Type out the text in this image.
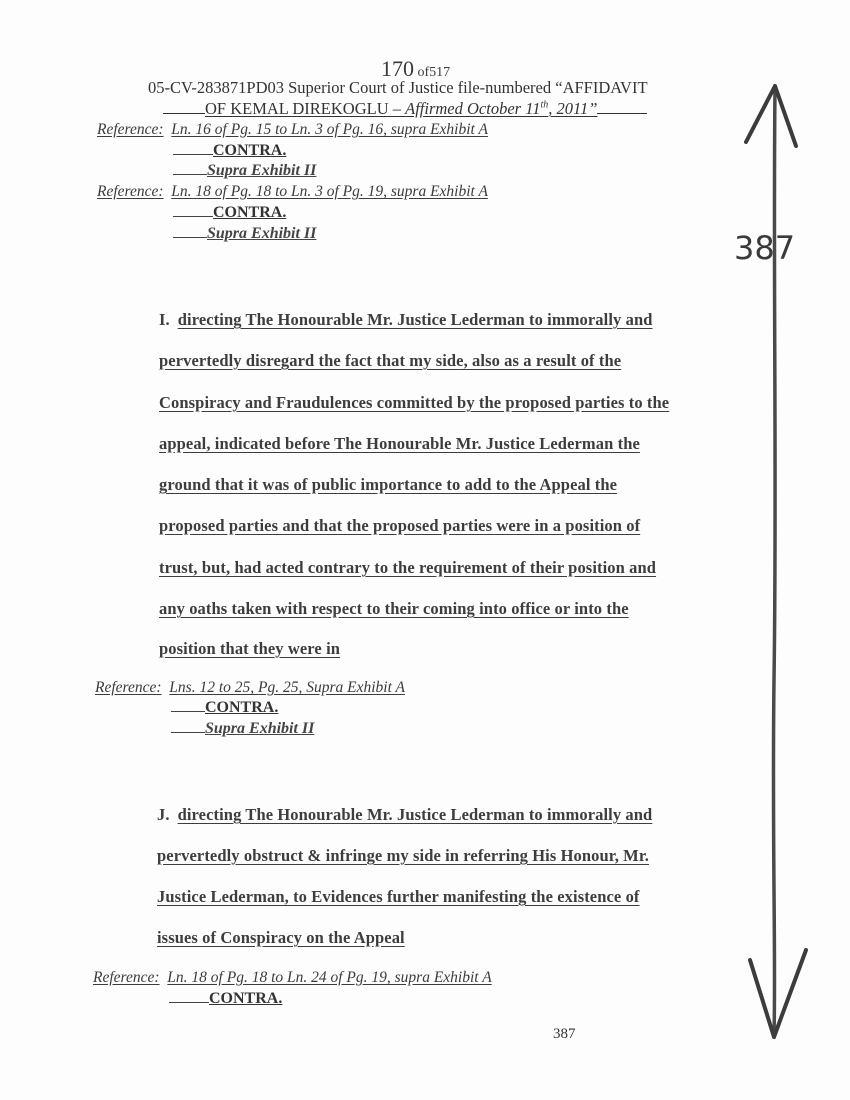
170 of517
05-CV-283871PD03 Superior Court of Justice file-numbered “AFFIDAVIT
OF KEMAL DIREKOGLU – Affirmed October 11th, 2011”
Reference: Ln. 16 of Pg. 15 to Ln. 3 of Pg. 16, supra Exhibit A
CONTRA.
Supra Exhibit II
Reference: Ln. 18 of Pg. 18 to Ln. 3 of Pg. 19, supra Exhibit A
CONTRA.
Supra Exhibit II
I. directing The Honourable Mr. Justice Lederman to immorally and
pervertedly disregard the fact that my side, also as a result of the
Conspiracy and Fraudulences committed by the proposed parties to the
appeal, indicated before The Honourable Mr. Justice Lederman the
ground that it was of public importance to add to the Appeal the
proposed parties and that the proposed parties were in a position of
trust, but, had acted contrary to the requirement of their position and
any oaths taken with respect to their coming into office or into the
position that they were in
Reference: Lns. 12 to 25, Pg. 25, Supra Exhibit A
CONTRA.
Supra Exhibit II
J. directing The Honourable Mr. Justice Lederman to immorally and
pervertedly obstruct & infringe my side in referring His Honour, Mr.
Justice Lederman, to Evidences further manifesting the existence of
issues of Conspiracy on the Appeal
Reference: Ln. 18 of Pg. 18 to Ln. 24 of Pg. 19, supra Exhibit A
CONTRA.
387
387
